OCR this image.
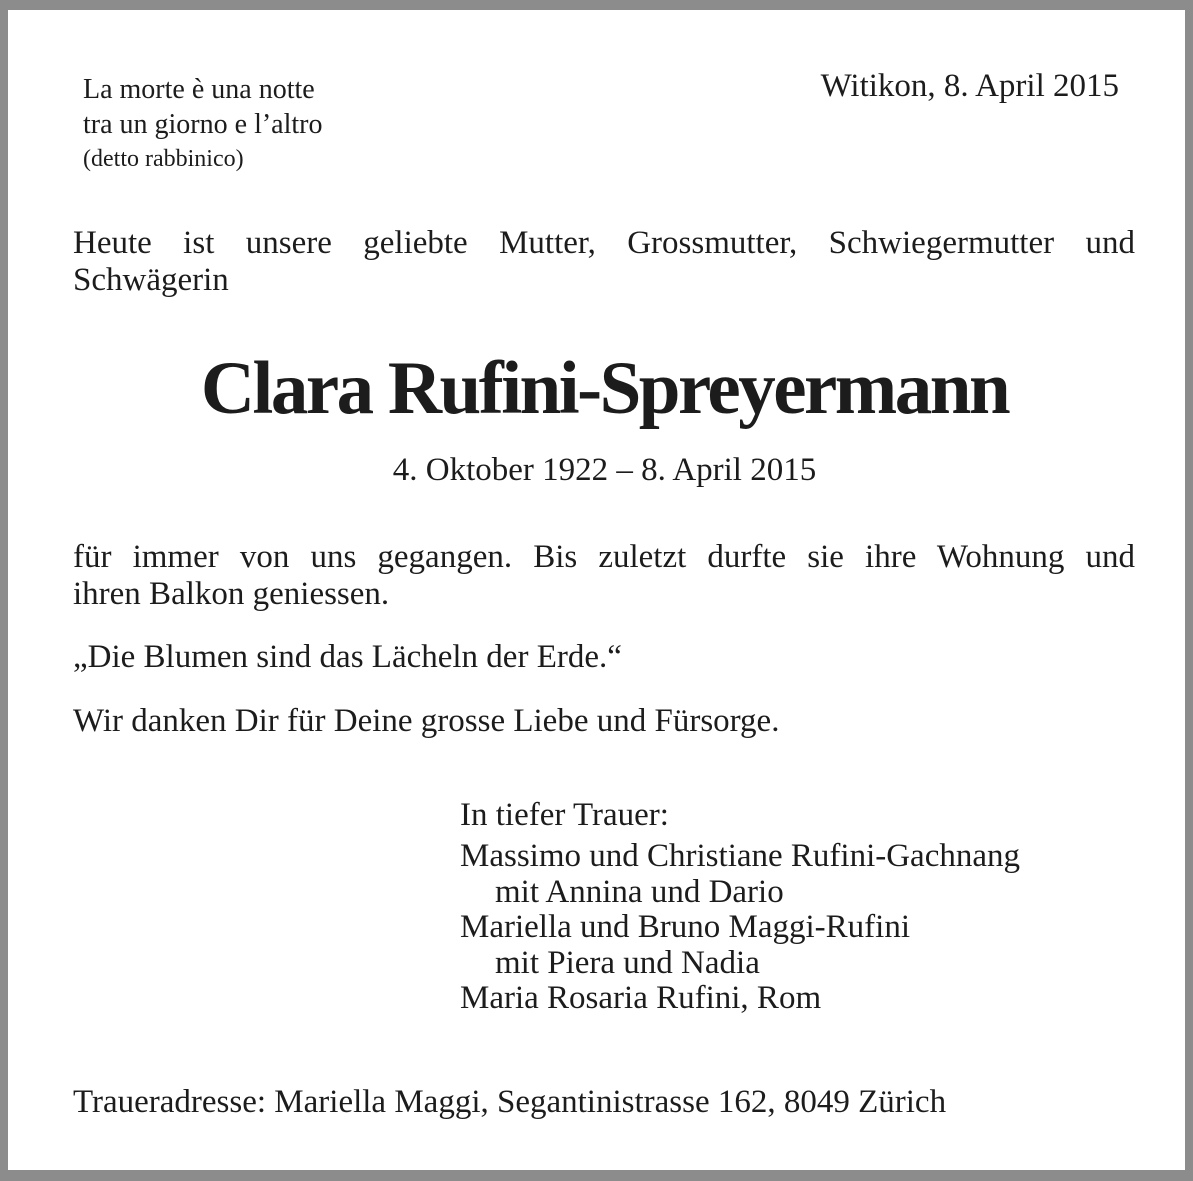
La morte è una notte
tra un giorno e l’altro
(detto rabbinico)
Witikon, 8. April 2015
Heute ist unsere geliebte Mutter, Grossmutter, Schwiegermutter und
Schwägerin
Clara Rufini-Spreyermann
4. Oktober 1922 – 8. April 2015
für immer von uns gegangen. Bis zuletzt durfte sie ihre Wohnung und
ihren Balkon geniessen.
„Die Blumen sind das Lächeln der Erde.“
Wir danken Dir für Deine grosse Liebe und Fürsorge.
In tiefer Trauer:
Massimo und Christiane Rufini-Gachnang
mit Annina und Dario
Mariella und Bruno Maggi-Rufini
mit Piera und Nadia
Maria Rosaria Rufini, Rom
Traueradresse: Mariella Maggi, Segantinistrasse 162, 8049 Zürich
